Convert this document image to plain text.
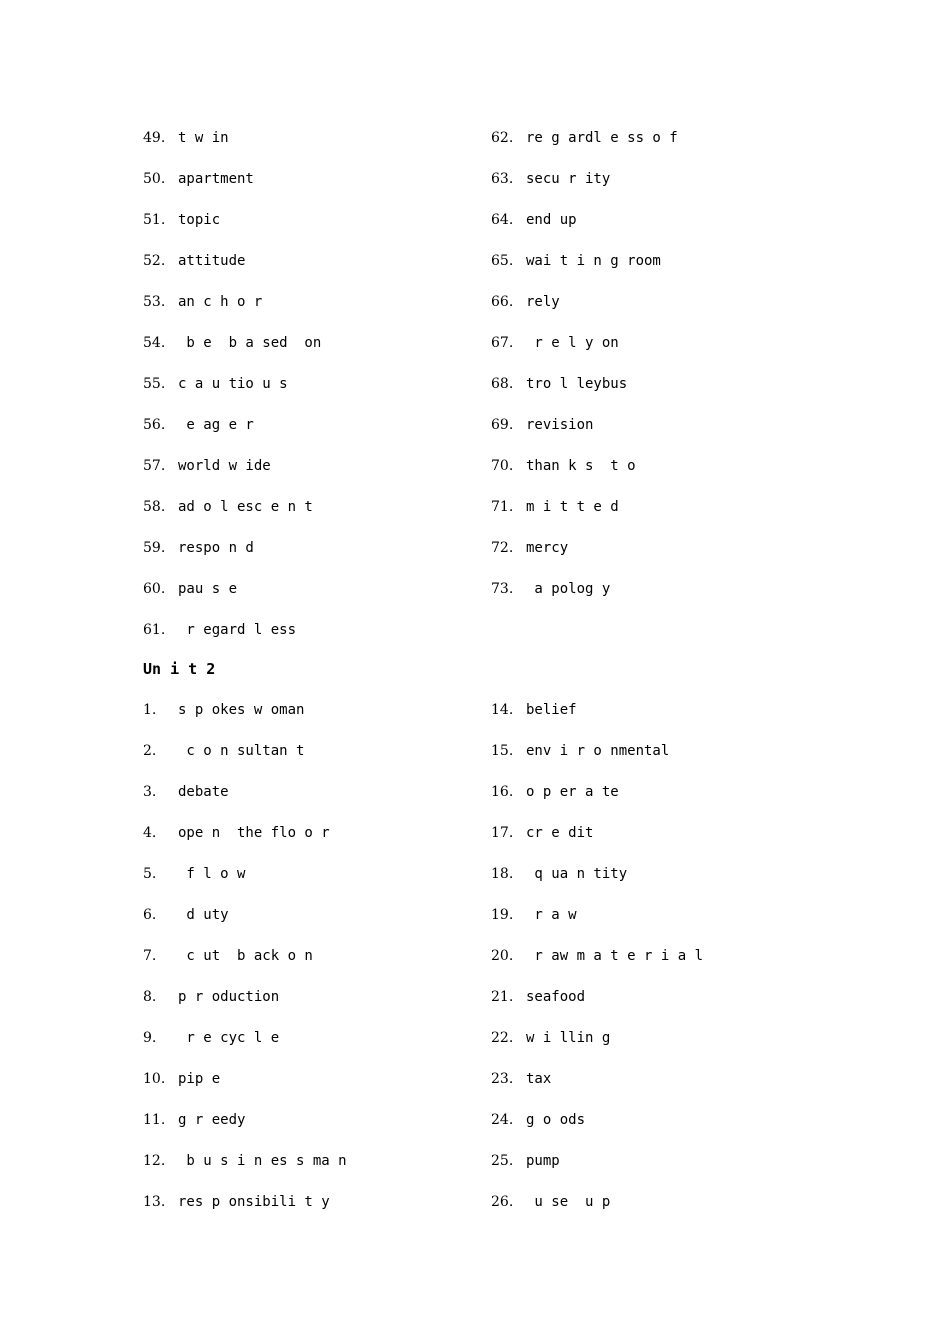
49. t w in	62. re g ardl e ss o f
50. apartment	63. secu r ity
51. topic	64. end up
52. attitude	65. wai t i n g room
53. an c h o r	66. rely
54. b e  b a sed  on	67. r e l y on
55. c a u tio u s	68. tro l leybus
56. e ag e r	69. revision
57. world w ide	70. than k s  t o
58. ad o l esc e n t	71. m i t t e d
59. respo n d	72. mercy
60. pau s e	73. a polog y
61. r egard l ess
Un i t 2
1.	s p okes w oman	14. belief
2.	c o n sultan t	15. env i r o nmental
3.	debate	16. o p er a te
4.	ope n  the flo o r	17. cr e dit
5.	f l o w	18. q ua n tity
6.	d uty	19. r a w
7.	c ut  b ack o n	20. r aw m a t e r i a l
8.	p r oduction	21. seafood
9.	r e cyc l e	22. w i llin g
10. pip e	23. tax
11. g r eedy	24. g o ods
12. b u s i n es s ma n	25. pump
13. res p onsibili t y	26. u se  u p
